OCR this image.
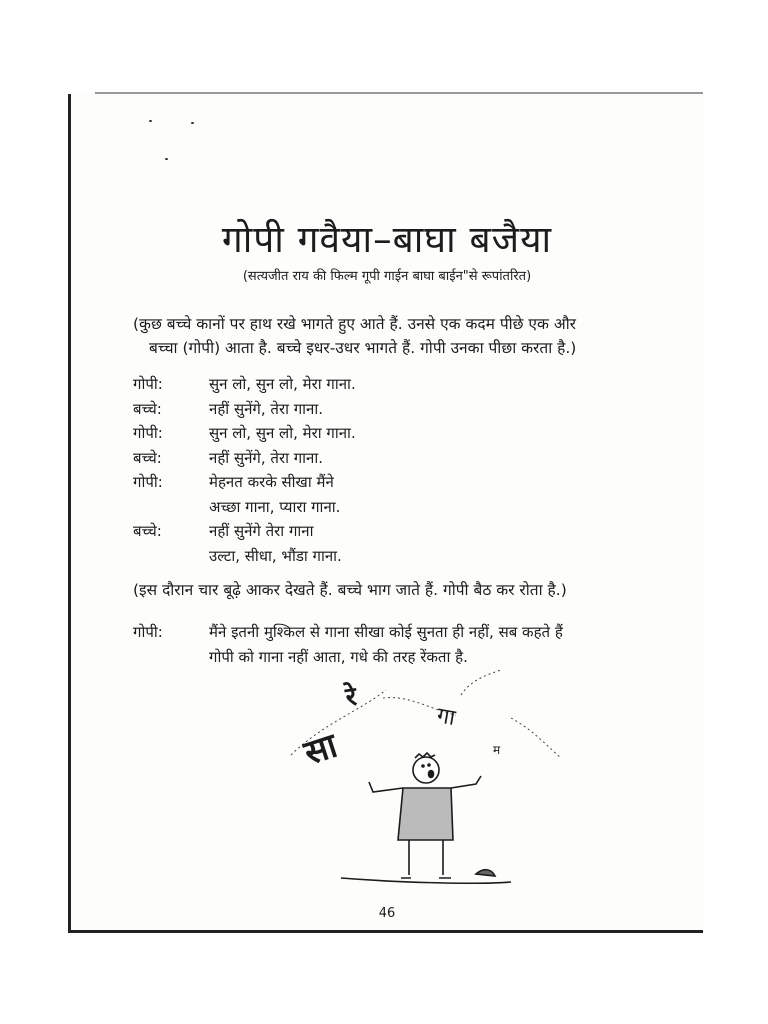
गोपी गवैया–बाघा बजैया

(सत्यजीत राय की फिल्म गूपी गाईन बाघा बाईन"से रूपांतरित)

(कुछ बच्चे कानों पर हाथ रखे भागते हुए आते हैं. उनसे एक कदम पीछे एक और
बच्चा (गोपी) आता है. बच्चे इधर-उधर भागते हैं. गोपी उनका पीछा करता है.)

गोपी:	सुन लो, सुन लो, मेरा गाना.
बच्चे:	नहीं सुनेंगे, तेरा गाना.
गोपी:	सुन लो, सुन लो, मेरा गाना.
बच्चे:	नहीं सुनेंगे, तेरा गाना.
गोपी:	मेहनत करके सीखा मैंने
अच्छा गाना, प्यारा गाना.
बच्चे:	नहीं सुनेंगे तेरा गाना
उल्टा, सीधा, भौंडा गाना.

(इस दौरान चार बूढ़े आकर देखते हैं. बच्चे भाग जाते हैं. गोपी बैठ कर रोता है.)

गोपी:	मैंने इतनी मुश्किल से गाना सीखा कोई सुनता ही नहीं, सब कहते हैं
गोपी को गाना नहीं आता, गधे की तरह रेंकता है.
सा
रे
गा
म
46
